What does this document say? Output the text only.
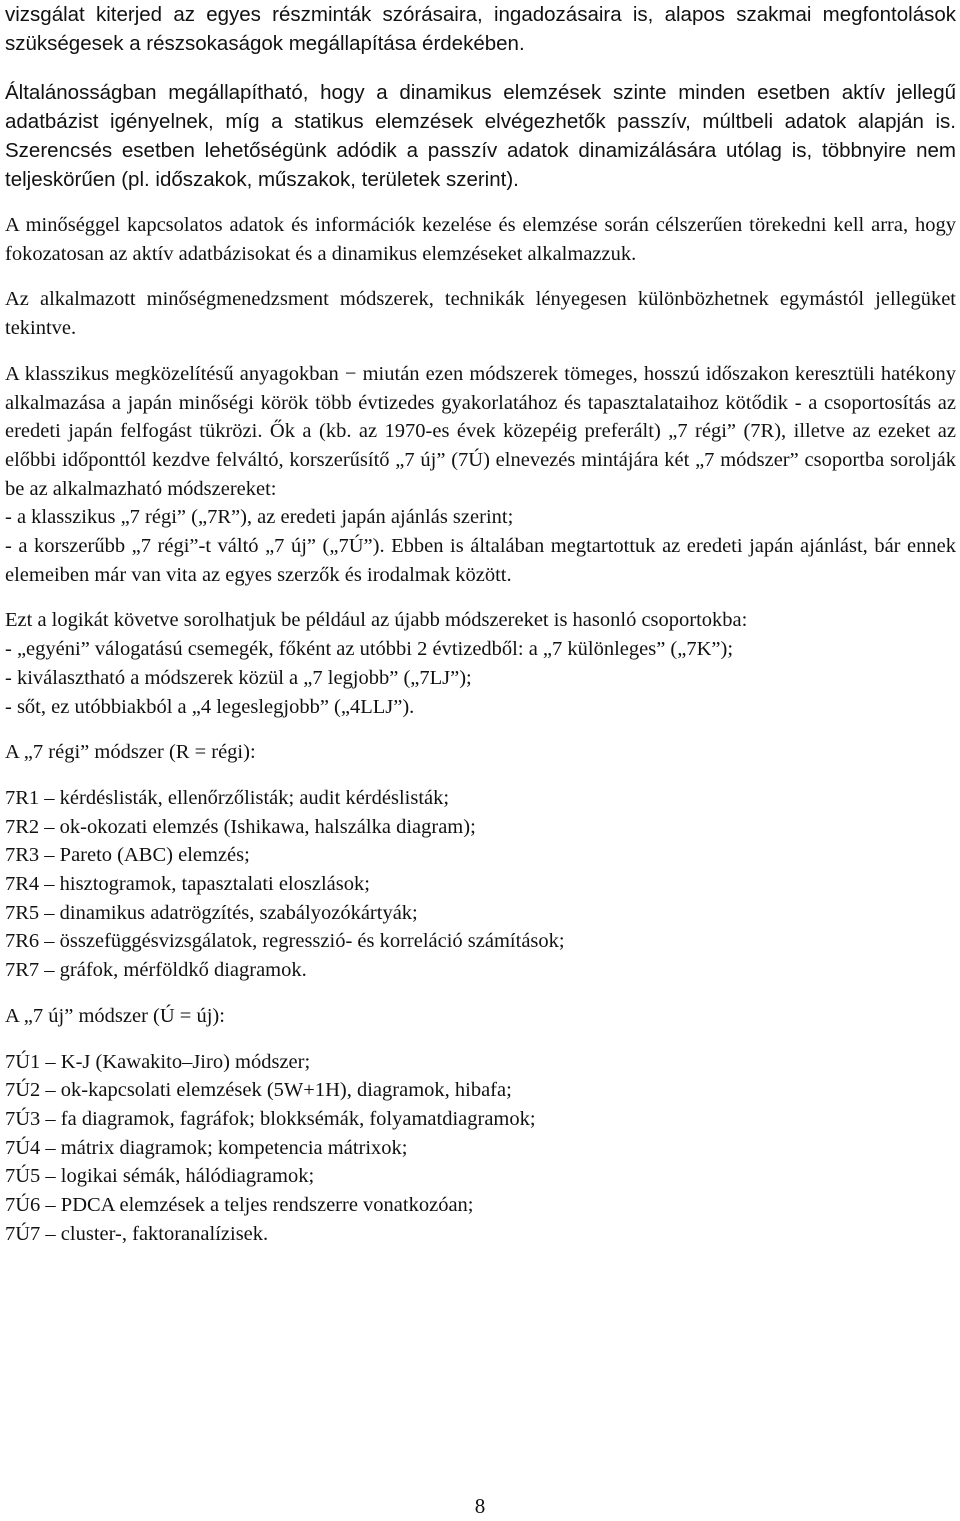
vizsgálat kiterjed az egyes részminták szórásaira, ingadozásaira is, alapos szakmai megfontolások szükségesek a részsokaságok megállapítása érdekében.

Általánosságban megállapítható, hogy a dinamikus elemzések szinte minden esetben aktív jellegű adatbázist igényelnek, míg a statikus elemzések elvégezhetők passzív, múltbeli adatok alapján is. Szerencsés esetben lehetőségünk adódik a passzív adatok dinamizálására utólag is, többnyire nem teljeskörűen (pl. időszakok, műszakok, területek szerint).

A minőséggel kapcsolatos adatok és információk kezelése és elemzése során célszerűen törekedni kell arra, hogy fokozatosan az aktív adatbázisokat és a dinamikus elemzéseket alkalmazzuk.

Az alkalmazott minőségmenedzsment módszerek, technikák lényegesen különbözhetnek egymástól jellegüket tekintve.

A klasszikus megközelítésű anyagokban − miután ezen módszerek tömeges, hosszú időszakon keresztüli hatékony alkalmazása a japán minőségi körök több évtizedes gyakorlatához és tapasztalataihoz kötődik - a csoportosítás az eredeti japán felfogást tükrözi. Ők a (kb. az 1970-es évek közepéig preferált) „7 régi” (7R), illetve az ezeket az előbbi időponttól kezdve felváltó, korszerűsítő „7 új” (7Ú) elnevezés mintájára két „7 módszer” csoportba sorolják be az alkalmazható módszereket:

- a klasszikus „7 régi” („7R”), az eredeti japán ajánlás szerint;

- a korszerűbb „7 régi”-t váltó „7 új” („7Ú”). Ebben is általában megtartottuk az eredeti japán ajánlást, bár ennek elemeiben már van vita az egyes szerzők és irodalmak között.

Ezt a logikát követve sorolhatjuk be például az újabb módszereket is hasonló csoportokba:

- „egyéni” válogatású csemegék, főként az utóbbi 2 évtizedből: a „7 különleges” („7K”);

- kiválasztható a módszerek közül a „7 legjobb” („7LJ”);

- sőt, ez utóbbiakból a „4 legeslegjobb” („4LLJ”).

A „7 régi” módszer (R = régi):

7R1 – kérdéslisták, ellenőrzőlisták; audit kérdéslisták;

7R2 – ok-okozati elemzés (Ishikawa, halszálka diagram);

7R3 – Pareto (ABC) elemzés;

7R4 – hisztogramok, tapasztalati eloszlások;

7R5 – dinamikus adatrögzítés, szabályozókártyák;

7R6 – összefüggésvizsgálatok, regresszió- és korreláció számítások;

7R7 – gráfok, mérföldkő diagramok.

A „7 új” módszer (Ú = új):

7Ú1 – K-J (Kawakito–Jiro) módszer;

7Ú2 – ok-kapcsolati elemzések (5W+1H), diagramok, hibafa;

7Ú3 – fa diagramok, fagráfok; blokksémák, folyamatdiagramok;

7Ú4 – mátrix diagramok; kompetencia mátrixok;

7Ú5 – logikai sémák, hálódiagramok;

7Ú6 – PDCA elemzések a teljes rendszerre vonatkozóan;

7Ú7 – cluster-, faktoranalízisek.

8
